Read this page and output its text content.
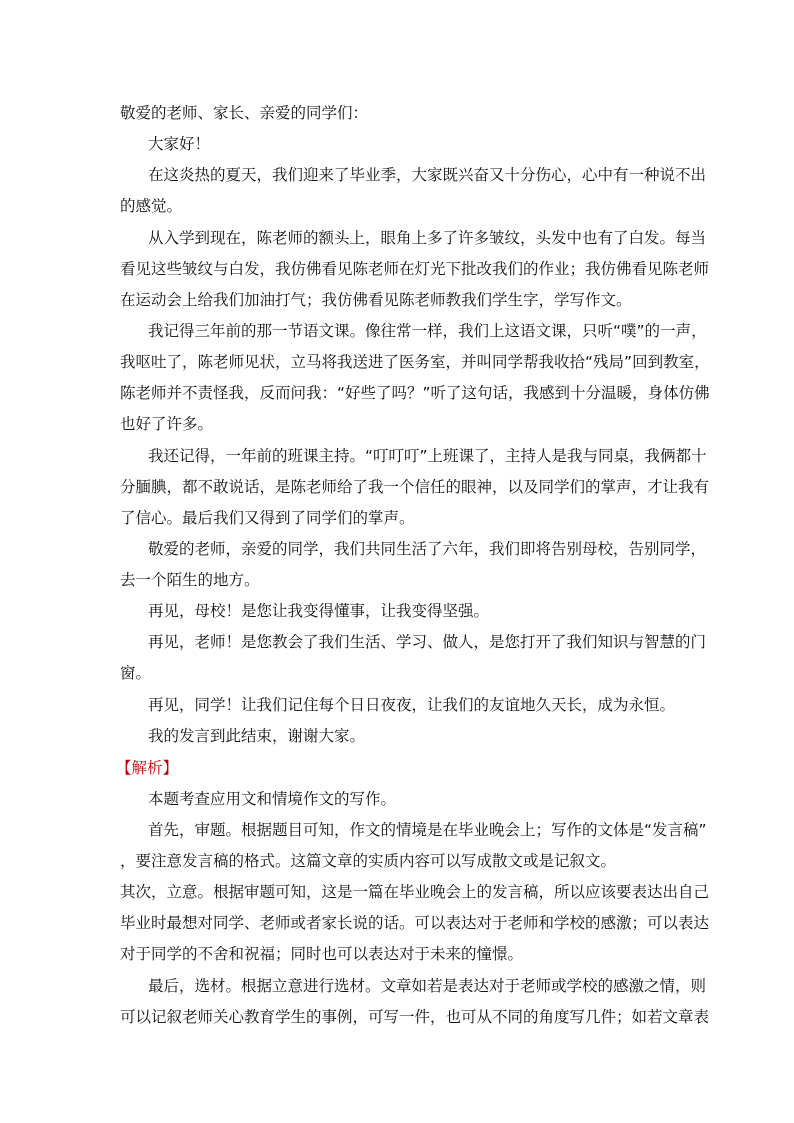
敬爱的老师、家长、亲爱的同学们：
大家好！
在这炎热的夏天，我们迎来了毕业季，大家既兴奋又十分伤心，心中有一种说不出
的感觉。
从入学到现在，陈老师的额头上，眼角上多了许多皱纹，头发中也有了白发。每当
看见这些皱纹与白发，我仿佛看见陈老师在灯光下批改我们的作业；我仿佛看见陈老师
在运动会上给我们加油打气；我仿佛看见陈老师教我们学生字，学写作文。
我记得三年前的那一节语文课。像往常一样，我们上这语文课，只听“噗”的一声，
我呕吐了，陈老师见状，立马将我送进了医务室，并叫同学帮我收拾“残局”回到教室，
陈老师并不责怪我，反而问我：“好些了吗？”听了这句话，我感到十分温暖，身体仿佛
也好了许多。
我还记得，一年前的班课主持。“叮叮叮”上班课了，主持人是我与同桌，我俩都十
分腼腆，都不敢说话，是陈老师给了我一个信任的眼神，以及同学们的掌声，才让我有
了信心。最后我们又得到了同学们的掌声。
敬爱的老师，亲爱的同学，我们共同生活了六年，我们即将告别母校，告别同学，
去一个陌生的地方。
再见，母校！是您让我变得懂事，让我变得坚强。
再见，老师！是您教会了我们生活、学习、做人，是您打开了我们知识与智慧的门
窗。
再见，同学！让我们记住每个日日夜夜，让我们的友谊地久天长，成为永恒。
我的发言到此结束，谢谢大家。
【解析】
本题考查应用文和情境作文的写作。
首先，审题。根据题目可知，作文的情境是在毕业晚会上；写作的文体是“发言稿”
，要注意发言稿的格式。这篇文章的实质内容可以写成散文或是记叙文。
其次，立意。根据审题可知，这是一篇在毕业晚会上的发言稿，所以应该要表达出自己
毕业时最想对同学、老师或者家长说的话。可以表达对于老师和学校的感激；可以表达
对于同学的不舍和祝福；同时也可以表达对于未来的憧憬。
最后，选材。根据立意进行选材。文章如若是表达对于老师或学校的感激之情，则
可以记叙老师关心教育学生的事例，可写一件，也可从不同的角度写几件；如若文章表
